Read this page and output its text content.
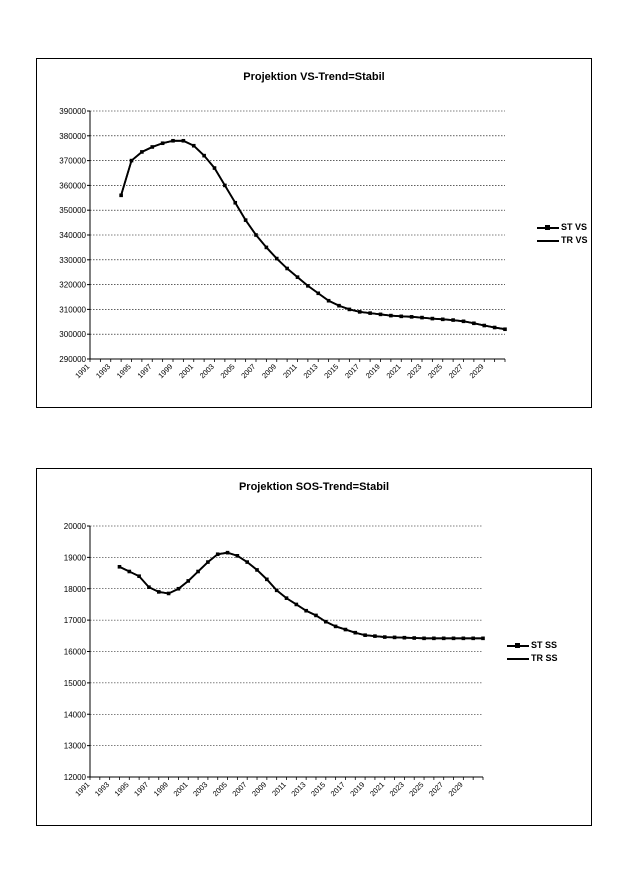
Projektion VS-Trend=Stabil
290000
300000
310000
320000
330000
340000
350000
360000
370000
380000
390000
1991 1993 1995 1997 1999 2001 2003 2005 2007 2009 2011 2013 2015 2017 2019 2021 2023 2025 2027 2029
ST VS
TR VS
Projektion SOS-Trend=Stabil
12000
13000
14000
15000
16000
17000
18000
19000
20000
1991 1993 1995 1997 1999 2001 2003 2005 2007 2009 2011 2013 2015 2017 2019 2021 2023 2025 2027 2029
ST SS
TR SS
